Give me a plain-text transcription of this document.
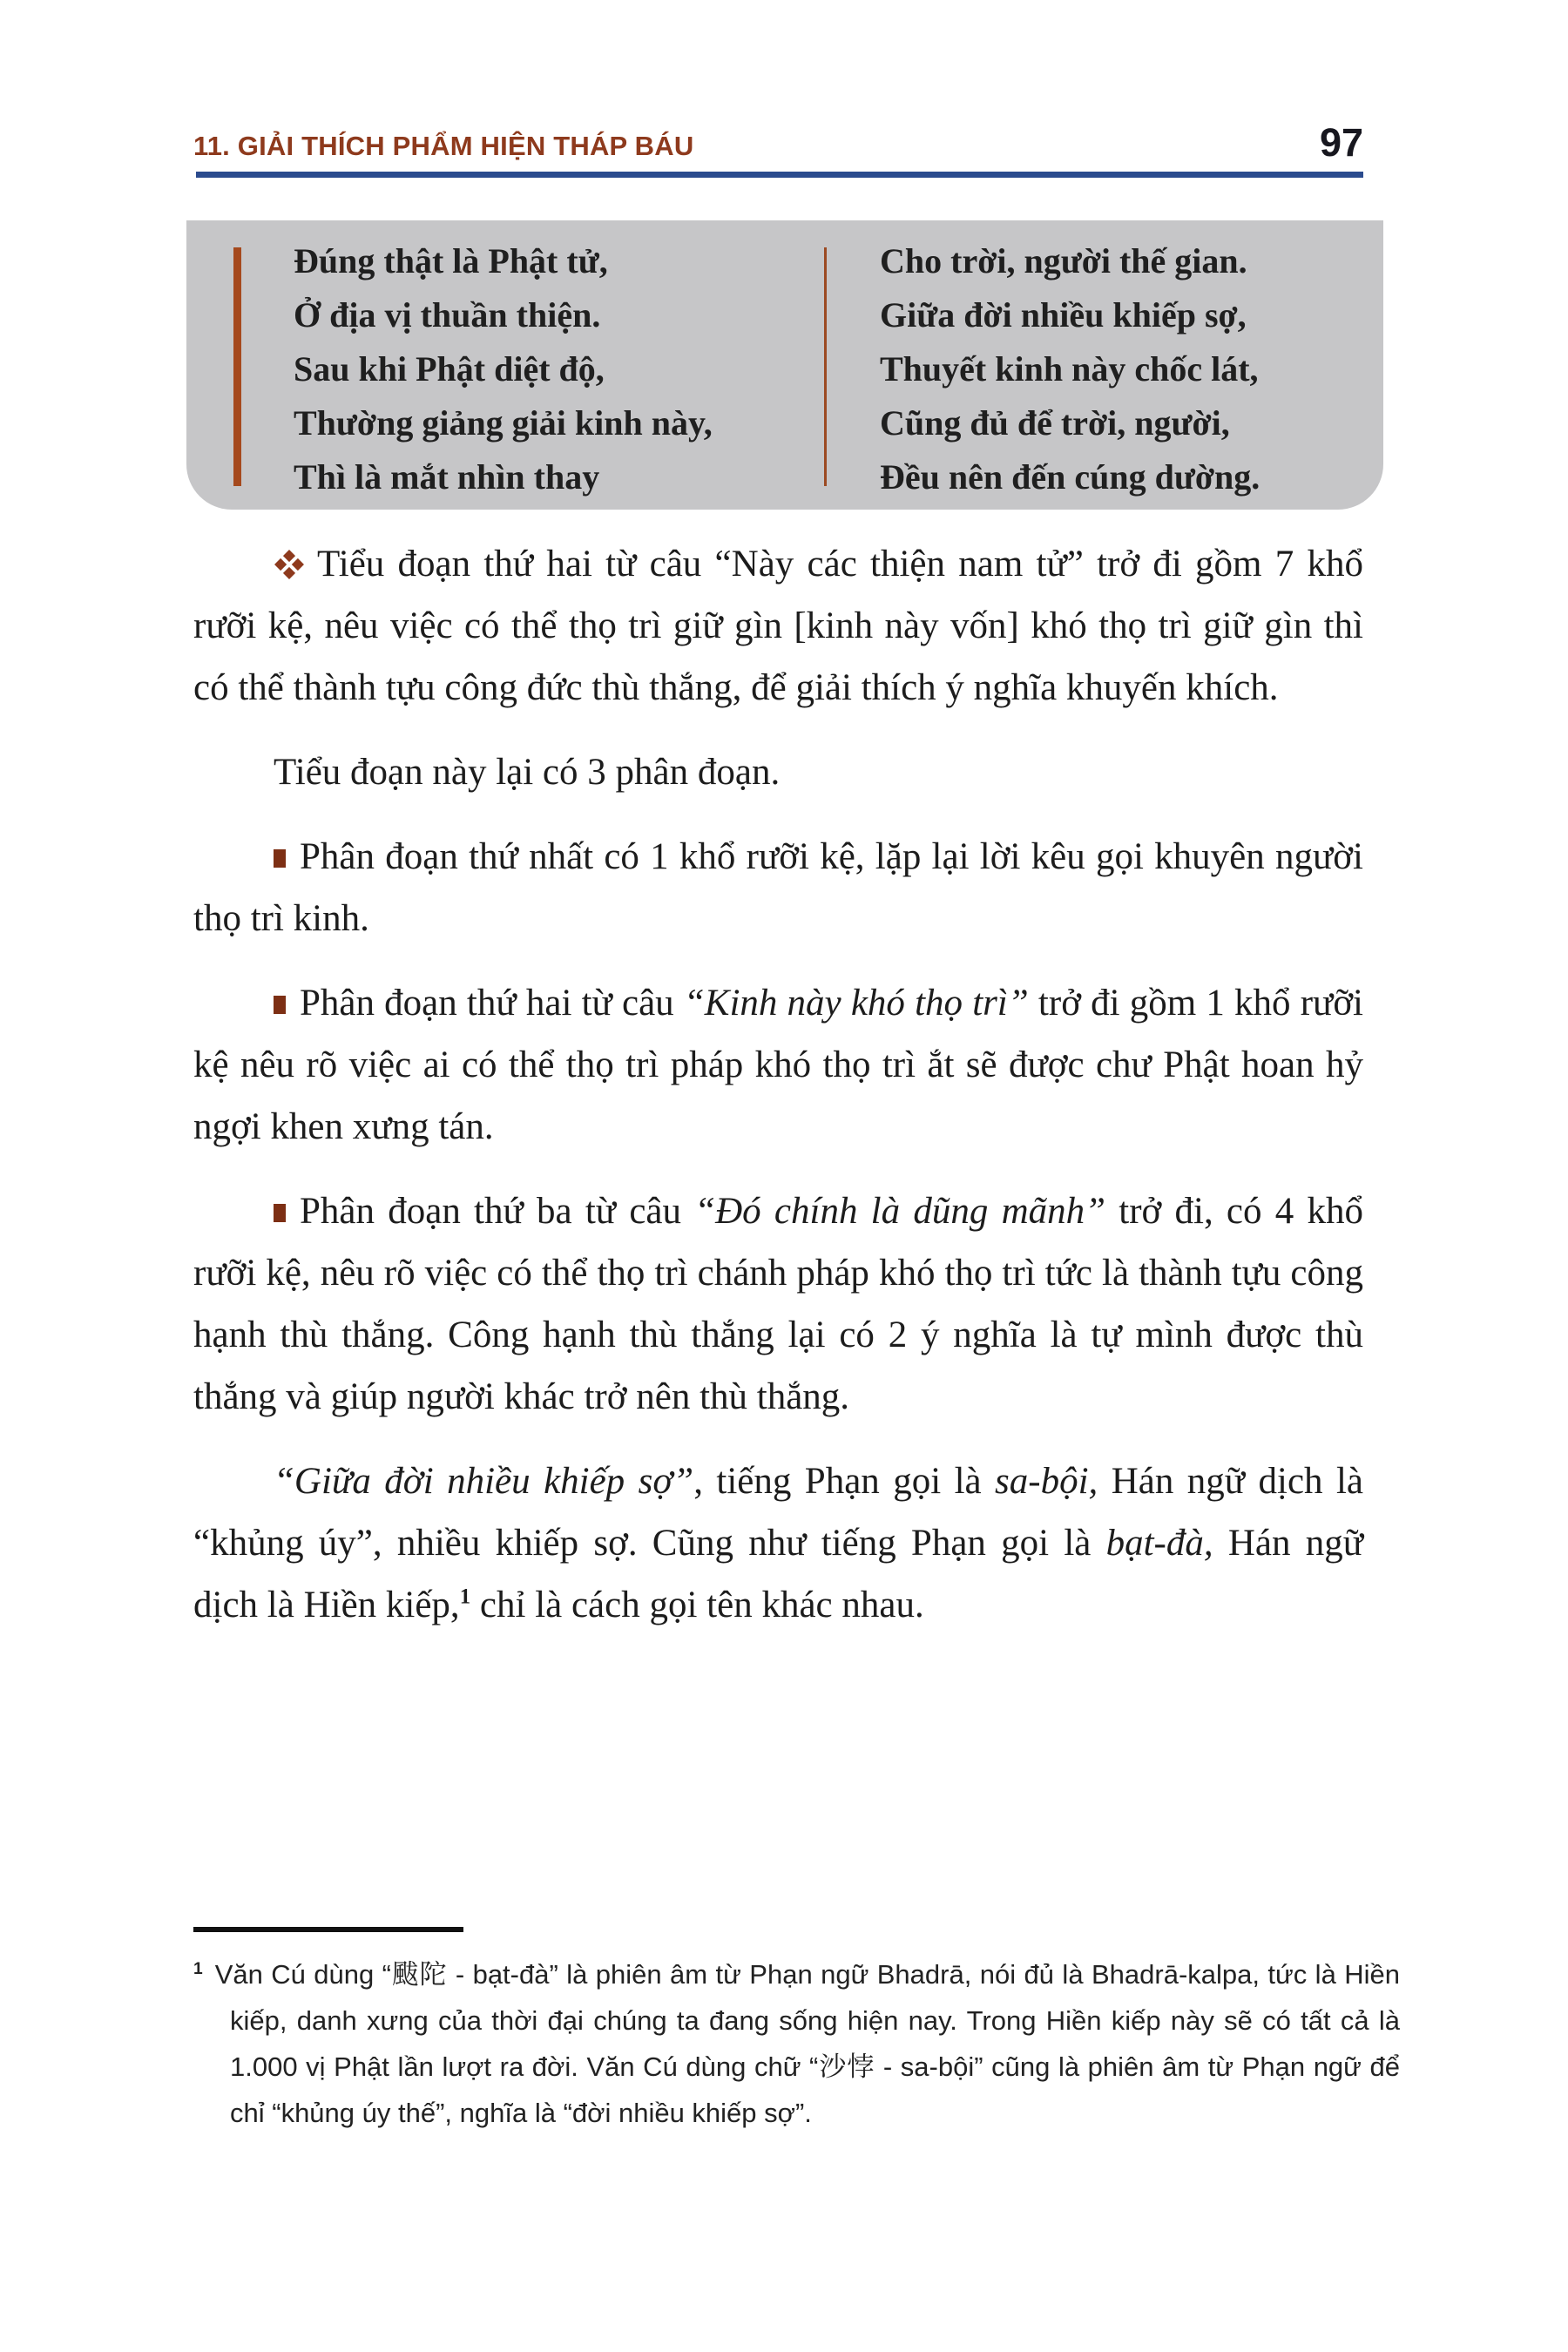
11. GIẢI THÍCH PHẨM HIỆN THÁP BÁU	97
Đúng thật là Phật tử,
Ở địa vị thuần thiện.
Sau khi Phật diệt độ,
Thường giảng giải kinh này,
Thì là mắt nhìn thay
Cho trời, người thế gian.
Giữa đời nhiều khiếp sợ,
Thuyết kinh này chốc lát,
Cũng đủ để trời, người,
Đều nên đến cúng dường.

Tiểu đoạn thứ hai từ câu “Này các thiện nam tử” trở đi gồm 7 khổ rưỡi kệ, nêu việc có thể thọ trì giữ gìn [kinh này vốn] khó thọ trì giữ gìn thì có thể thành tựu công đức thù thắng, để giải thích ý nghĩa khuyến khích.

Tiểu đoạn này lại có 3 phân đoạn.

Phân đoạn thứ nhất có 1 khổ rưỡi kệ, lặp lại lời kêu gọi khuyên người thọ trì kinh.

Phân đoạn thứ hai từ câu “Kinh này khó thọ trì” trở đi gồm 1 khổ rưỡi kệ nêu rõ việc ai có thể thọ trì pháp khó thọ trì ắt sẽ được chư Phật hoan hỷ ngợi khen xưng tán.

Phân đoạn thứ ba từ câu “Đó chính là dũng mãnh” trở đi, có 4 khổ rưỡi kệ, nêu rõ việc có thể thọ trì chánh pháp khó thọ trì tức là thành tựu công hạnh thù thắng. Công hạnh thù thắng lại có 2 ý nghĩa là tự mình được thù thắng và giúp người khác trở nên thù thắng.

“Giữa đời nhiều khiếp sợ”, tiếng Phạn gọi là sa-bội, Hán ngữ dịch là “khủng úy”, nhiều khiếp sợ. Cũng như tiếng Phạn gọi là bạt-đà, Hán ngữ dịch là Hiền kiếp,$^1$ chỉ là cách gọi tên khác nhau.

$^1$ Văn Cú dùng “颰陀 - bạt-đà” là phiên âm từ Phạn ngữ Bhadrā, nói đủ là Bhadrā-kalpa, tức là Hiền kiếp, danh xưng của thời đại chúng ta đang sống hiện nay. Trong Hiền kiếp này sẽ có tất cả là 1.000 vị Phật lần lượt ra đời. Văn Cú dùng chữ “沙悖 - sa-bội” cũng là phiên âm từ Phạn ngữ để chỉ “khủng úy thế”, nghĩa là “đời nhiều khiếp sợ”.
